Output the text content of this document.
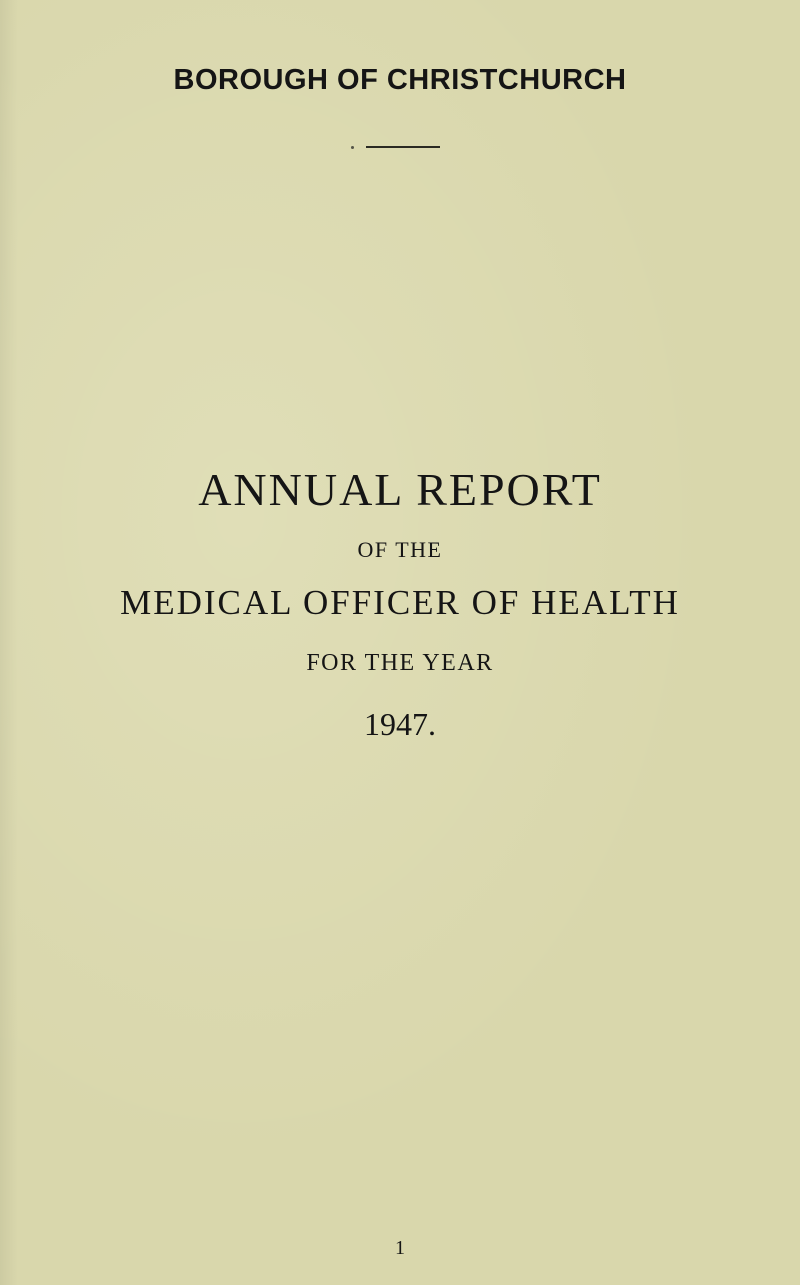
BOROUGH OF CHRISTCHURCH
ANNUAL REPORT
OF THE
MEDICAL OFFICER OF HEALTH
FOR THE YEAR
1947.
1
